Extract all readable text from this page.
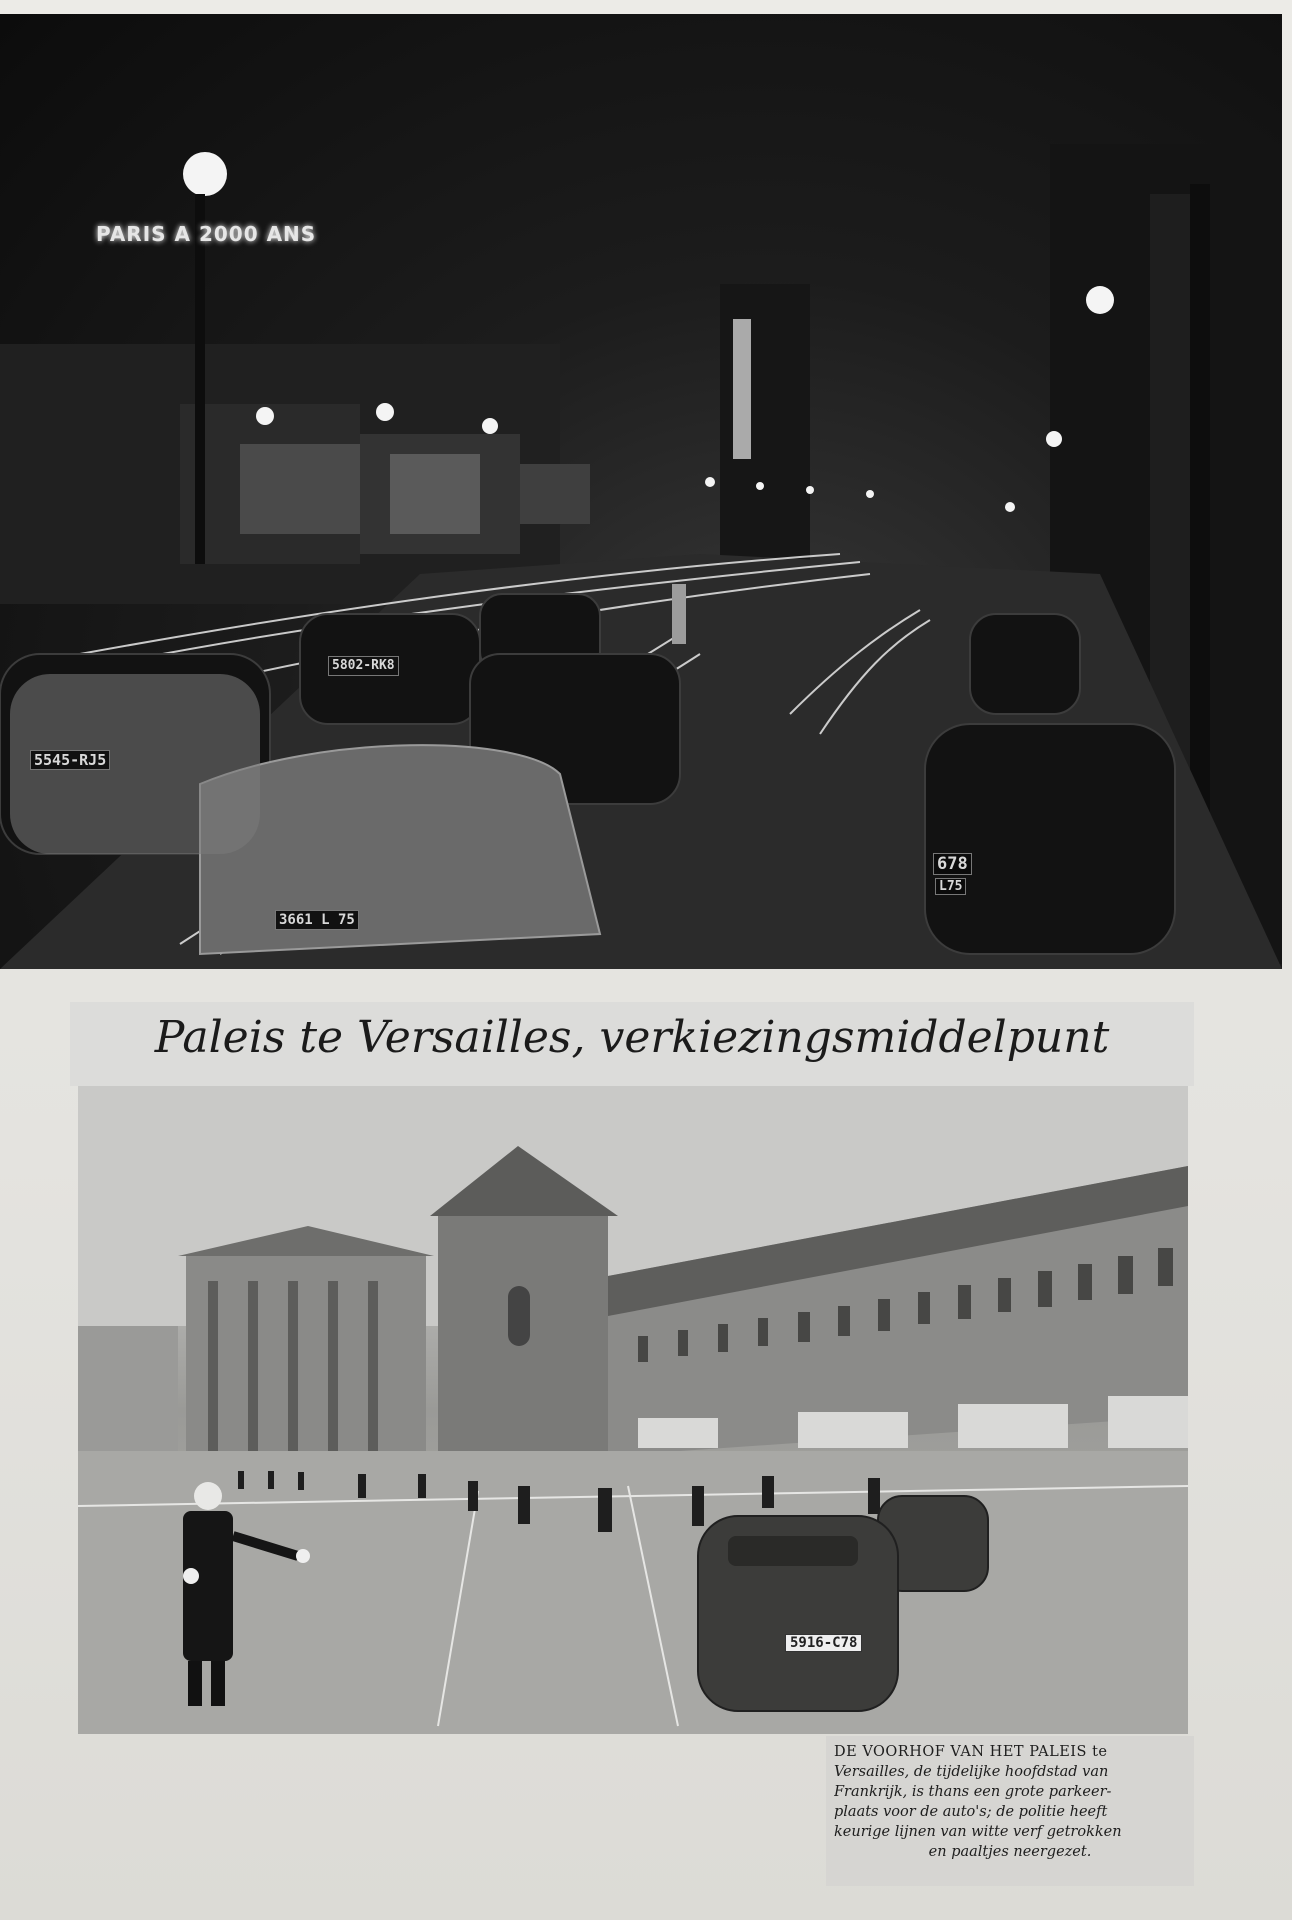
PARIS A 2000 ANS
5545-RJ5
5802-RK8
678
L75
3661 L 75
Paleis te Versailles, verkiezingsmiddelpunt
5916-C78
DE VOORHOF VAN HET PALEIS te
Versailles, de tijdelijke hoofdstad van
Frankrijk, is thans een grote parkeer-
plaats voor de auto's; de politie heeft
keurige lijnen van witte verf getrokken
en paaltjes neergezet.
